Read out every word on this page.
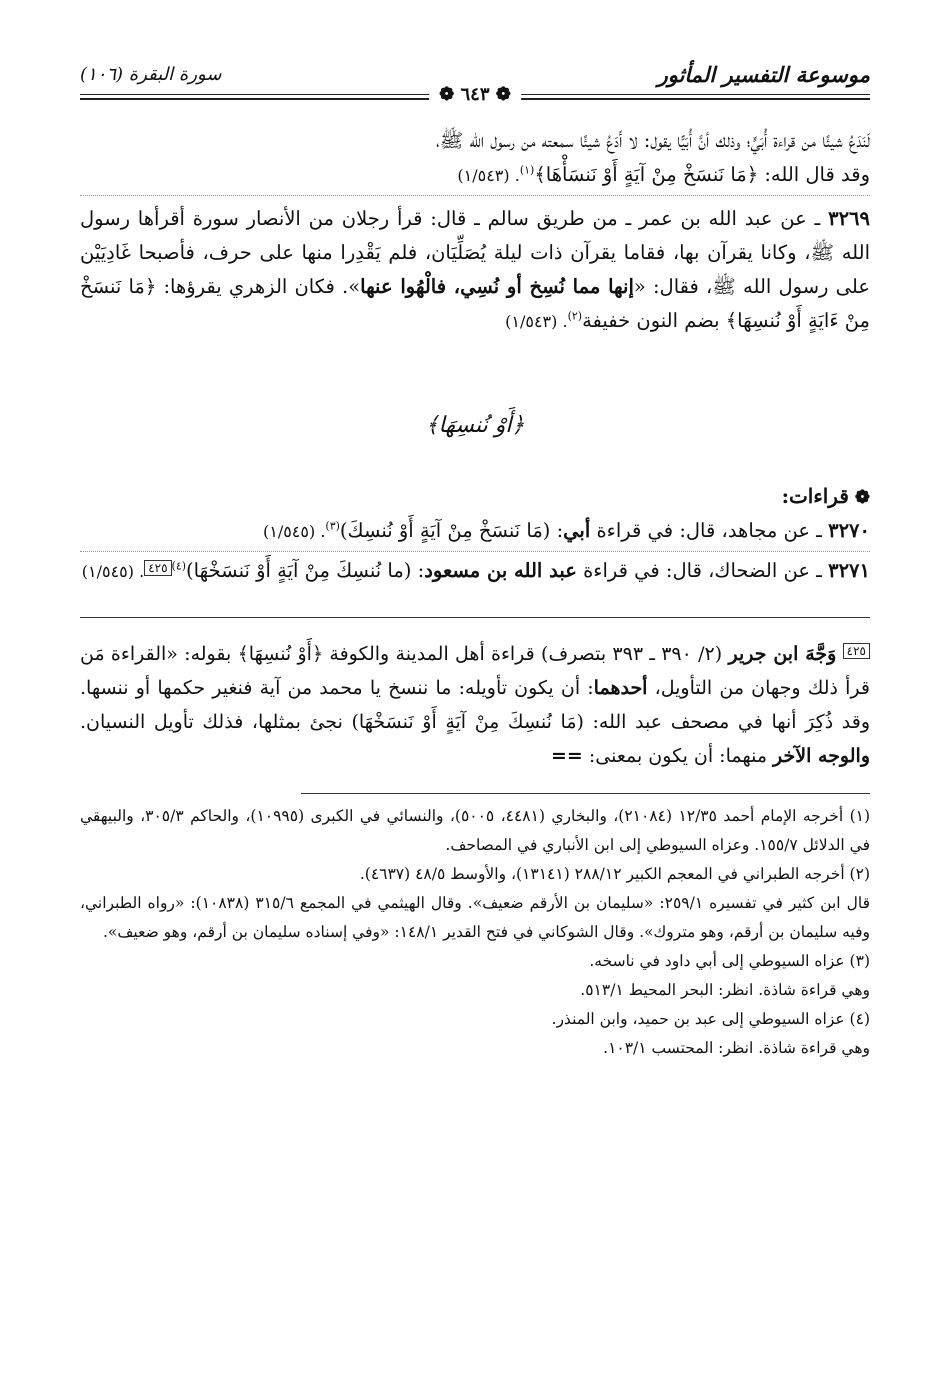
موسوعة التفسير المأثور
❁ ٦٤٣ ❁
سورة البقرة (١٠٦)

لَنَدَعُ شيئًا من قراءة أُبَيٍّ؛ وذلك أنَّ أُبَيًّا يقول: لا أَدَعُ شيئًا سمعته من رسول الله ﷺ،
وقد قال الله: ﴿مَا نَنسَخْ مِنْ آيَةٍ أَوْ نَنسَأْهَا﴾$^{(١)}$. (١/٥٤٣)

٣٢٦٩ ـ عن عبد الله بن عمر ـ من طريق سالم ـ قال: قرأ رجلان من الأنصار سورة أقرأها رسول الله ﷺ، وكانا يقرآن بها، فقاما يقرآن ذات ليلة يُصَلِّيَان، فلم يَقْدِرا منها على حرف، فأصبحا غَادِيَيْن على رسول الله ﷺ، فقال: «إنها مما نُسِخ أو نُسِي، فالْهُوا عنها». فكان الزهري يقرؤها: ﴿مَا نَنسَخْ مِنْ ءَايَةٍ أَوْ نُنسِهَا﴾ بضم النون خفيفة$^{(٢)}$. (١/٥٤٣)

﴿أَوْ نُنسِهَا﴾
❁قراءات:

٣٢٧٠ ـ عن مجاهد، قال: في قراءة أبي: (مَا نَنسَخْ مِنْ آيَةٍ أَوْ نُنسِكَ)$^{(٣)}$. (١/٥٤٥)

٣٢٧١ ـ عن الضحاك، قال: في قراءة عبد الله بن مسعود: (ما نُنسِكَ مِنْ آيَةٍ أَوْ نَنسَخْهَا)$^{(٤)}$٤٢٥. (١/٥٤٥)

٤٢٥ وَجَّهَ ابن جرير (٢/ ٣٩٠ ـ ٣٩٣ بتصرف) قراءة أهل المدينة والكوفة ﴿أَوْ نُنسِهَا﴾ بقوله: «القراءة مَن قرأ ذلك وجهان من التأويل، أحدهما: أن يكون تأويله: ما ننسخ يا محمد من آية فنغير حكمها أو ننسها. وقد ذُكِرَ أنها في مصحف عبد الله: (مَا نُنسِكَ مِنْ آيَةٍ أَوْ نَنسَخْهَا) نجئ بمثلها، فذلك تأويل النسيان. والوجه الآخر منهما: أن يكون بمعنى: ==

(١) أخرجه الإمام أحمد ١٢/٣٥ (٢١٠٨٤)، والبخاري (٤٤٨١، ٥٠٠٥)، والنسائي في الكبرى (١٠٩٩٥)، والحاكم ٣٠٥/٣، والبيهقي في الدلائل ١٥٥/٧. وعزاه السيوطي إلى ابن الأنباري في المصاحف.

(٢) أخرجه الطبراني في المعجم الكبير ٢٨٨/١٢ (١٣١٤١)، والأوسط ٤٨/٥ (٤٦٣٧).

قال ابن كثير في تفسيره ٢٥٩/١: «سليمان بن الأرقم ضعيف». وقال الهيثمي في المجمع ٣١٥/٦ (١٠٨٣٨): «رواه الطبراني، وفيه سليمان بن أرقم، وهو متروك». وقال الشوكاني في فتح القدير ١٤٨/١: «وفي إسناده سليمان بن أرقم، وهو ضعيف».

(٣) عزاه السيوطي إلى أبي داود في ناسخه.

وهي قراءة شاذة. انظر: البحر المحيط ٥١٣/١.

(٤) عزاه السيوطي إلى عبد بن حميد، وابن المنذر.

وهي قراءة شاذة. انظر: المحتسب ١٠٣/١.
